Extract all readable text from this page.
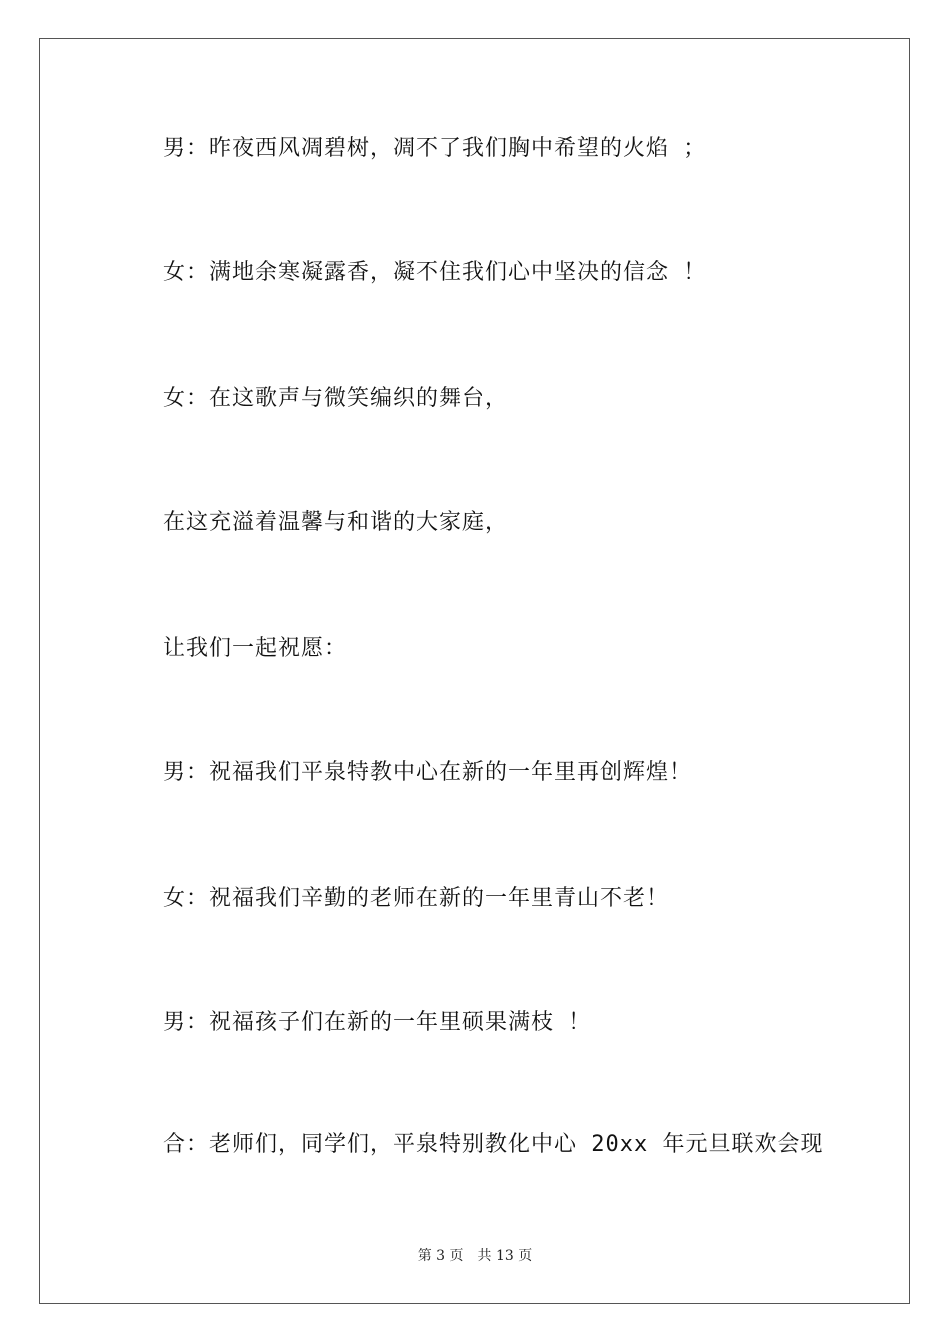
男：昨夜西风凋碧树，凋不了我们胸中希望的火焰 ；
女：满地余寒凝露香，凝不住我们心中坚决的信念 ！
女：在这歌声与微笑编织的舞台，
在这充溢着温馨与和谐的大家庭，
让我们一起祝愿：
男：祝福我们平泉特教中心在新的一年里再创辉煌！
女：祝福我们辛勤的老师在新的一年里青山不老！
男：祝福孩子们在新的一年里硕果满枝 ！
合：老师们，同学们，平泉特别教化中心 20xx 年元旦联欢会现
第 3 页　共 13 页
